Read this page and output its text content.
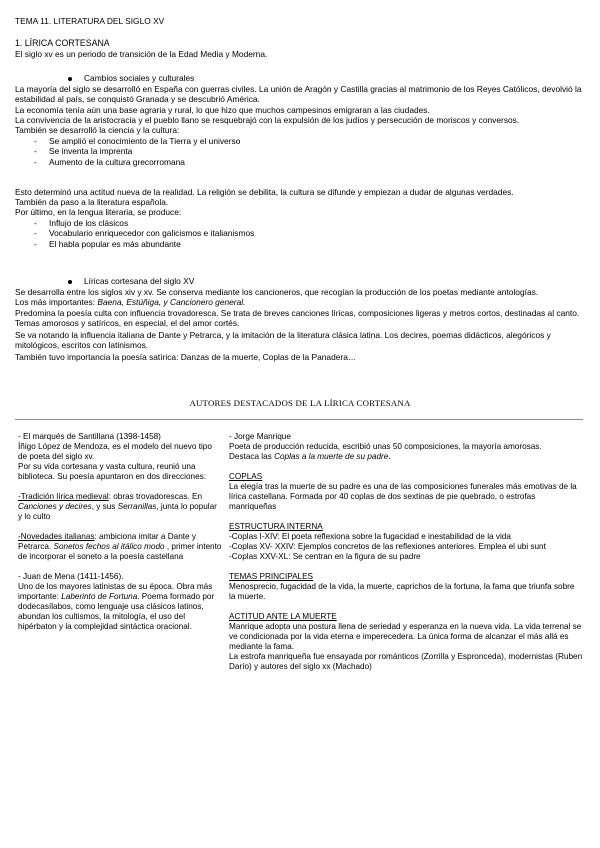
TEMA 11. LITERATURA DEL SIGLO XV
1. LÍRICA CORTESANA
El siglo xv es un periodo de transición de la Edad Media y Moderna.
Cambios sociales y culturales
La mayoría del siglo se desarrolló en España con guerras civiles. La unión de Aragón y Castilla gracias al matrimonio de los Reyes Católicos, devolvió la estabilidad al país, se conquistó Granada y se descubrió América.
La economía tenía aún una base agraria y rural, lo que hizo que muchos campesinos emigraran a las ciudades.
La convivencia de la aristocracia y el pueblo llano se resquebrajó con la expulsión de los judíos y persecución de moriscos y conversos.
También se desarrolló la ciencia y la cultura:
- Se amplió el conocimiento de la Tierra y el universo
- Se inventa la imprenta
- Aumento de la cultura grecorromana
Esto determinó una actitud nueva de la realidad. La religión se debilita, la cultura se difunde y empiezan a dudar de algunas verdades.
También da paso a la literatura española.
Por último, en la lengua literaria, se produce:
- Influjo de los clásicos
- Vocabulario enriquecedor con galicismos e italianismos
- El habla popular es más abundante
Líricas cortesana del siglo XV
Se desarrolla entre los siglos xiv y xv. Se conserva mediante los cancioneros, que recogían la producción de los poetas mediante antologías.
Los más importantes: Baena, Estúñiga, y Cancionero general.
Predomina la poesía culta con influencia trovadoresca. Se trata de breves canciones líricas, composiciones ligeras y metros cortos, destinadas al canto. Temas amorosos y satíricos, en especial, el del amor cortés.
Se va notando la influencia italiana de Dante y Petrarca, y la imitación de la literatura clásica latina. Los decires, poemas didácticos, alegóricos y mitológicos, escritos con latinismos.
También tuvo importancia la poesía satírica: Danzas de la muerte, Coplas de la Panadera…
AUTORES DESTACADOS DE LA LÍRICA CORTESANA

- El marqués de Santillana (1398-1458)

Íñigo López de Mendoza, es el modelo del nuevo tipo de poeta del siglo xv.

Por su vida cortesana y vasta cultura, reunió una biblioteca. Su poesía apuntaron en dos direcciones:

-Tradición lírica medieval: obras trovadorescas. En Canciones y decires, y sus Serranillas, junta lo popular y lo culto

-Novedades italianas: ambiciona imitar a Dante y Petrarca. Sonetos fechos al itálico modo , primer intento de incorporar el soneto a la poesía castellana

- Juan de Mena (1411-1456).

Uno de los mayores latinistas de su época. Obra más importante: Laberinto de Fortuna. Poema formado por dodecasílabos, como lenguaje usa clásicos latinos, abundan los cultismos, la mitología, el uso del hipérbaton y la complejidad sintáctica oracional.

- Jorge Manrique

Poeta de producción reducida, escribió unas 50 composiciones, la mayoría amorosas.

Destaca las Coplas a la muerte de su padre.

COPLAS

La elegía tras la muerte de su padre es una de las composiciones funerales más emotivas de la lírica castellana. Formada por 40 coplas de dos sextinas de pie quebrado, o estrofas manriqueñas

ESTRUCTURA INTERNA

-Coplas I-XIV: El poeta reflexiona sobre la fugacidad e inestabilidad de la vida

-Coplas XV- XXIV: Ejemplos concretos de las reflexiones anteriores. Emplea el ubi sunt

-Coplas XXV-XL: Se centran en la figura de su padre

TEMAS PRINCIPALES

Menosprecio, fugacidad de la vida, la muerte, caprichos de la fortuna, la fama que triunfa sobre la muerte.

ACTITUD ANTE LA MUERTE

Manrique adopta una postura llena de seriedad y esperanza en la nueva vida. La vida terrenal se ve condicionada por la vida eterna e imperecedera. La única forma de alcanzar el más allá es mediante la fama.

La estrofa manriqueña fue ensayada por románticos (Zorrilla y Espronceda), modernistas (Ruben Darío) y autores del siglo xx (Machado)
